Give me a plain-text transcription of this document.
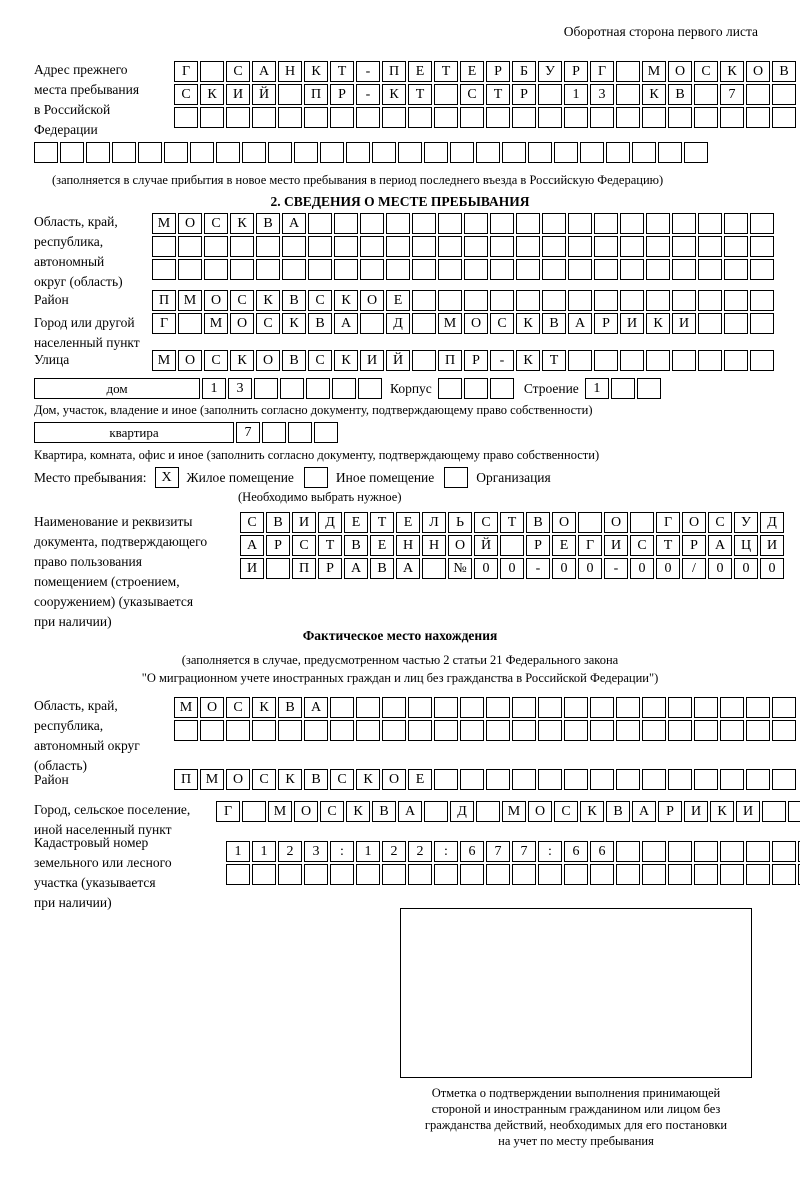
Оборотная сторона первого листа
Адрес прежнего
места пребывания
в Российской
Федерации
Г	С	А	Н	К	Т	-	П	Е	Т	Е	Р	Б	У	Р	Г	М	О	С	К	О	В
С	К	И	Й	П	Р	-	К	Т	С	Т	Р	1	3	К	В	7
(заполняется в случае прибытия в новое место пребывания в период последнего въезда в Российскую Федерацию)
2. СВЕДЕНИЯ О МЕСТЕ ПРЕБЫВАНИЯ
Область, край,
республика,
автономный
округ (область)
М	О	С	К	В	А
Район	П	М	О	С	К	В	С	К	О	Е
Город или другой
населенный пункт
Г	М	О	С	К	В	А	Д	М	О	С	К	В	А	Р	И	К	И
Улица	М	О	С	К	О	В	С	К	И	Й	П	Р	-	К	Т
дом	1	3	Корпус	Строение	1
Дом, участок, владение и иное (заполнить согласно документу, подтверждающему право собственности)
квартира	7
Квартира, комната, офис и иное (заполнить согласно документу, подтверждающему право собственности)
Место пребывания:	Х	Жилое помещение	Иное помещение	Организация
(Необходимо выбрать нужное)
Наименование и реквизиты
документа, подтверждающего
право пользования
помещением (строением,
сооружением) (указывается
при наличии)
С	В	И	Д	Е	Т	Е	Л	Ь	С	Т	В	О	О	Г	О	С	У	Д
А	Р	С	Т	В	Е	Н	Н	О	Й	Р	Е	Г	И	С	Т	Р	А	Ц	И
И	П	Р	А	В	А	№	0	0	-	0	0	-	0	0	/	0	0	0
Фактическое место нахождения
(заполняется в случае, предусмотренном частью 2 статьи 21 Федерального закона
"О миграционном учете иностранных граждан и лиц без гражданства в Российской Федерации")
Область, край,
республика,
автономный округ
(область)
М	О	С	К	В	А
Район	П	М	О	С	К	В	С	К	О	Е
Город, сельское поселение,
иной населенный пункт
Г	М	О	С	К	В	А	Д	М	О	С	К	В	А	Р	И	К	И
Кадастровый номер
земельного или лесного
участка (указывается
при наличии)
1	1	2	3	:	1	2	2	:	6	7	7	:	6	6
Отметка о подтверждении выполнения принимающей
стороной и иностранным гражданином или лицом без
гражданства действий, необходимых для его постановки
на учет по месту пребывания
